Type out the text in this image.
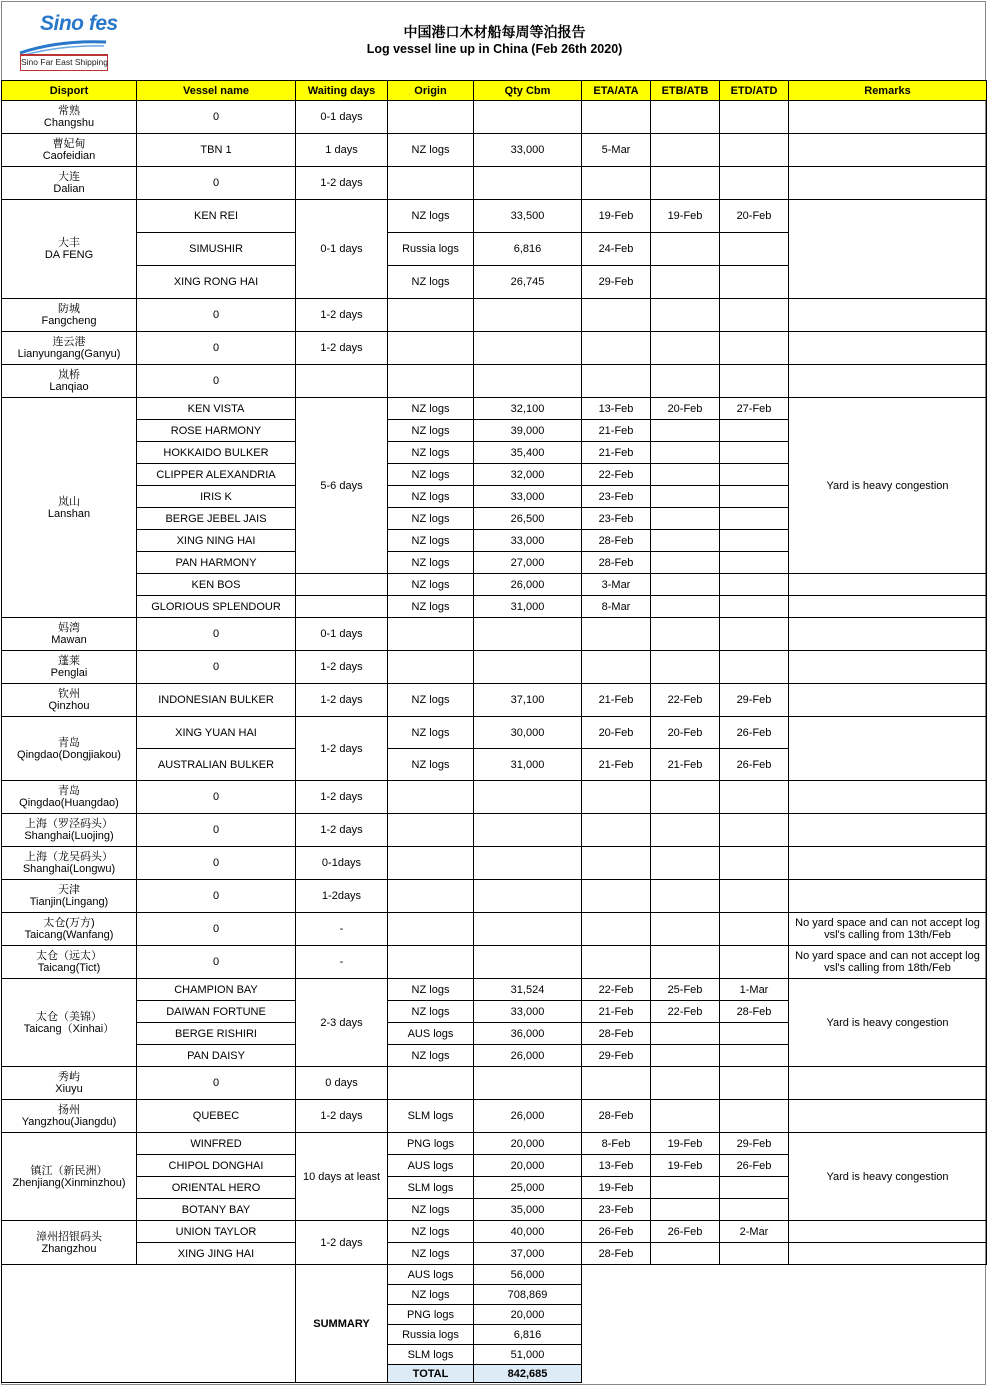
Sino fes
Sino Far East Shipping
中国港口木材船每周等泊报告
Log vessel line up in China (Feb 26th 2020)
Disport	Vessel name	Waiting days	Origin	Qty Cbm	ETA/ATA	ETB/ATB	ETD/ATD	Remarks

常熟
Changshu	0	0-1 days						

曹妃甸
Caofeidian	TBN 1	1 days	NZ logs	33,000	5-Mar			

大连
Dalian	0	1-2 days						

大丰
DA FENG	KEN REI	0-1 days	NZ logs	33,500	19-Feb	19-Feb	20-Feb	
	SIMUSHIR		Russia logs	6,816	24-Feb			
	XING RONG HAI		NZ logs	26,745	29-Feb			

防城
Fangcheng	0	1-2 days						

连云港
Lianyungang(Ganyu)	0	1-2 days						

岚桥
Lanqiao	0							

岚山
Lanshan	KEN VISTA	5-6 days	NZ logs	32,100	13-Feb	20-Feb	27-Feb	Yard is heavy congestion
	ROSE HARMONY		NZ logs	39,000	21-Feb			
	HOKKAIDO BULKER		NZ logs	35,400	21-Feb			
	CLIPPER ALEXANDRIA		NZ logs	32,000	22-Feb			
	IRIS K		NZ logs	33,000	23-Feb			
	BERGE JEBEL JAIS		NZ logs	26,500	23-Feb			
	XING NING HAI		NZ logs	33,000	28-Feb			
	PAN HARMONY		NZ logs	27,000	28-Feb			
	KEN BOS		NZ logs	26,000	3-Mar			
	GLORIOUS SPLENDOUR		NZ logs	31,000	8-Mar			

妈湾
Mawan	0	0-1 days						

蓬莱
Penglai	0	1-2 days						

钦州
Qinzhou	INDONESIAN BULKER	1-2 days	NZ logs	37,100	21-Feb	22-Feb	29-Feb	

青岛
Qingdao(Dongjiakou)	XING YUAN HAI	1-2 days	NZ logs	30,000	20-Feb	20-Feb	26-Feb	
	AUSTRALIAN BULKER		NZ logs	31,000	21-Feb	21-Feb	26-Feb	

青岛
Qingdao(Huangdao)	0	1-2 days						

上海（罗泾码头）
Shanghai(Luojing)	0	1-2 days						

上海（龙吴码头）
Shanghai(Longwu)	0	0-1days						

天津
Tianjin(Lingang)	0	1-2days						

太仓(万方)
Taicang(Wanfang)	0	-						No yard space and can not accept log vsl's calling from 13th/Feb

太仓（远太）
Taicang(Tict)	0	-						No yard space and can not accept log vsl's calling from 18th/Feb

太仓（美锦）
Taicang（Xinhai）	CHAMPION BAY	2-3 days	NZ logs	31,524	22-Feb	25-Feb	1-Mar	Yard is heavy congestion
	DAIWAN FORTUNE		NZ logs	33,000	21-Feb	22-Feb	28-Feb	
	BERGE RISHIRI		AUS logs	36,000	28-Feb			
	PAN DAISY		NZ logs	26,000	29-Feb			

秀屿
Xiuyu	0	0 days						

扬州
Yangzhou(Jiangdu)	QUEBEC	1-2 days	SLM logs	26,000	28-Feb			

镇江（新民洲）
Zhenjiang(Xinminzhou)	WINFRED	10 days at least	PNG logs	20,000	8-Feb	19-Feb	29-Feb	Yard is heavy congestion
	CHIPOL DONGHAI		AUS logs	20,000	13-Feb	19-Feb	26-Feb	
	ORIENTAL HERO		SLM logs	25,000	19-Feb			
	BOTANY BAY		NZ logs	35,000	23-Feb			

漳州招银码头
Zhangzhou	UNION TAYLOR	1-2 days	NZ logs	40,000	26-Feb	26-Feb	2-Mar	
	XING JING HAI		NZ logs	37,000	28-Feb			
		SUMMARY	AUS logs	56,000				
			NZ logs	708,869				
			PNG logs	20,000				
			Russia logs	6,816				
			SLM logs	51,000				
			TOTAL	842,685				
